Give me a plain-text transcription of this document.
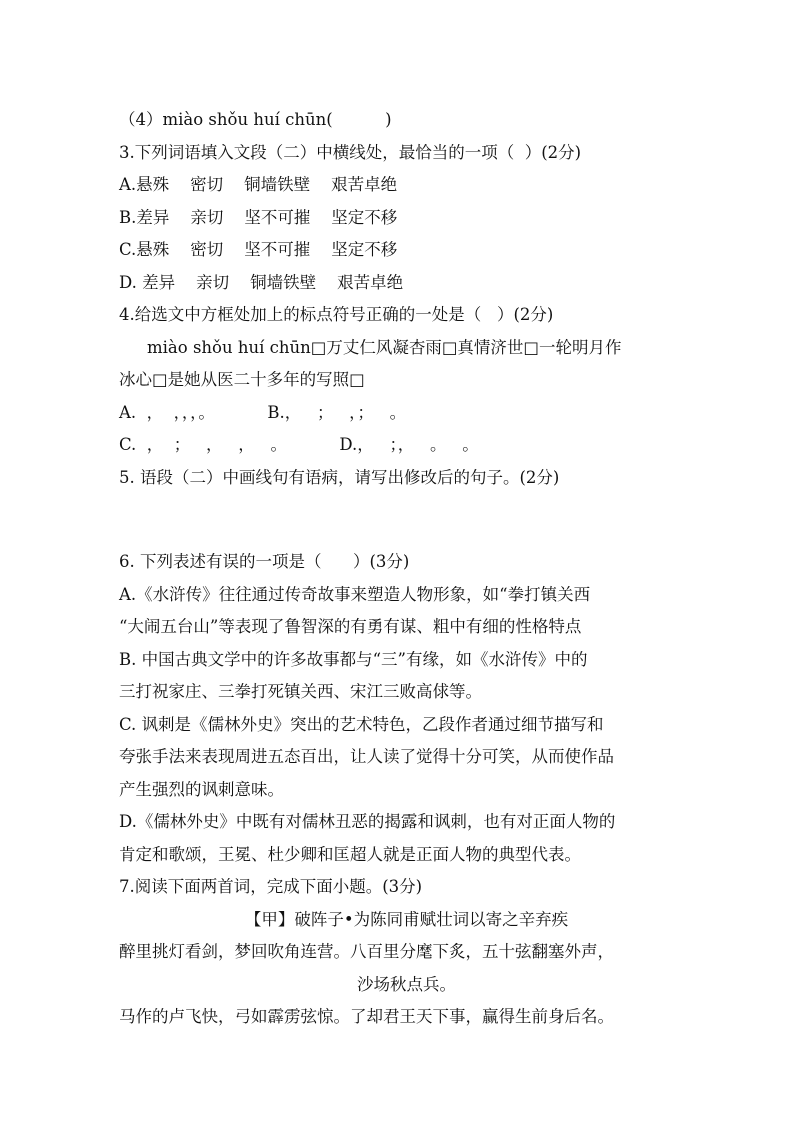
（4）miào shǒu huí chūn(          )
3.下列词语填入文段（二）中横线处，最恰当的一项（  ）(2分)
A.悬殊    密切    铜墙铁壁    艰苦卓绝
B.差异    亲切    坚不可摧    坚定不移
C.悬殊    密切    坚不可摧    坚定不移
D. 差异    亲切    铜墙铁壁    艰苦卓绝
4.给选文中方框处加上的标点符号正确的一处是（   ）(2分)
miào shǒu huí chūn□万丈仁风凝杏雨□真情济世□一轮明月作
冰心□是她从医二十多年的写照□
A.  ，  ，，，。          B.，   ；   ，；   。
C.  ，  ；   ，   ，   。          D.，   ；，   。   。
5. 语段（二）中画线句有语病，请写出修改后的句子。(2分)
6. 下列表述有误的一项是（      ）(3分)
A.《水浒传》往往通过传奇故事来塑造人物形象，如“拳打镇关西
“大闹五台山”等表现了鲁智深的有勇有谋、粗中有细的性格特点
B. 中国古典文学中的许多故事都与“三”有缘，如《水浒传》中的
三打祝家庄、三拳打死镇关西、宋江三败高俅等。
C. 讽刺是《儒林外史》突出的艺术特色，乙段作者通过细节描写和
夸张手法来表现周进五态百出，让人读了觉得十分可笑，从而使作品
产生强烈的讽刺意味。
D.《儒林外史》中既有对儒林丑恶的揭露和讽刺，也有对正面人物的
肯定和歌颂，王冕、杜少卿和匡超人就是正面人物的典型代表。
7.阅读下面两首词，完成下面小题。(3分)
【甲】破阵子•为陈同甫赋壮词以寄之辛弃疾
醉里挑灯看剑，梦回吹角连营。八百里分麾下炙，五十弦翻塞外声，
沙场秋点兵。
马作的卢飞快，弓如霹雳弦惊。了却君王天下事，赢得生前身后名。
